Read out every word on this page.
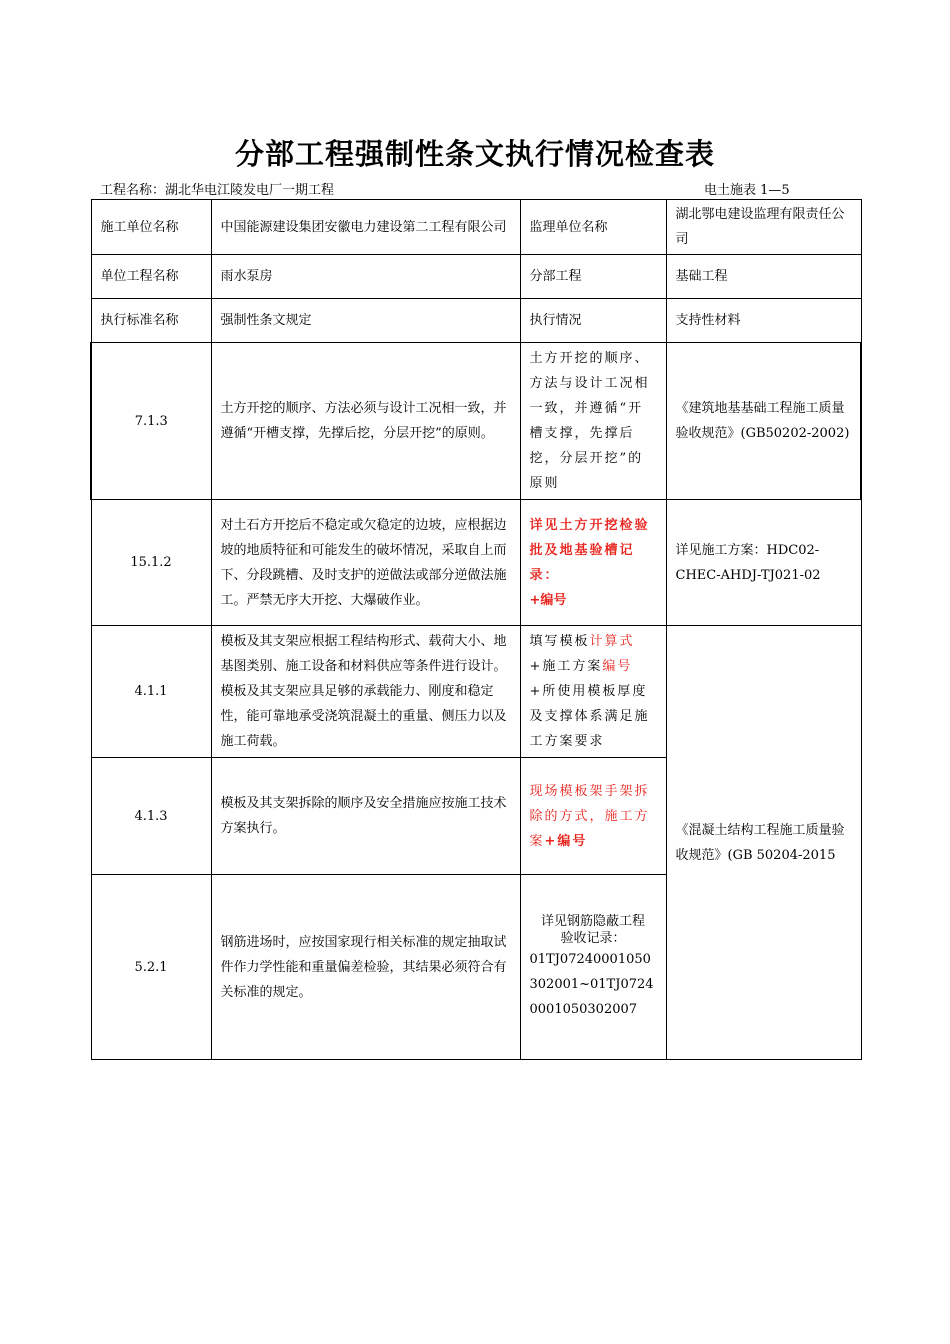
分部工程强制性条文执行情况检查表
工程名称：湖北华电江陵发电厂一期工程	电土施表 1—5
施工单位名称	中国能源建设集团安徽电力建设第二工程有限公司	监理单位名称	湖北鄂电建设监理有限责任公司
单位工程名称	雨水泵房	分部工程	基础工程
执行标准名称	强制性条文规定	执行情况	支持性材料
7.1.3	土方开挖的顺序、方法必须与设计工况相一致，并遵循“开槽支撑，先撑后挖，分层开挖”的原则。	土方开挖的顺序、方法与设计工况相一致，并遵循“开槽支撑，先撑后挖，分层开挖”的原则	《建筑地基基础工程施工质量验收规范》(GB50202-2002)
15.1.2	对土石方开挖后不稳定或欠稳定的边坡，应根据边坡的地质特征和可能发生的破坏情况，采取自上而下、分段跳槽、及时支护的逆做法或部分逆做法施工。严禁无序大开挖、大爆破作业。	详见土方开挖检验批及地基验槽记录：
+编号	详见施工方案：HDC02-CHEC-AHDJ-TJ021-02
4.1.1	模板及其支架应根据工程结构形式、载荷大小、地基图类别、施工设备和材料供应等条件进行设计。模板及其支架应具足够的承载能力、刚度和稳定性，能可靠地承受浇筑混凝土的重量、侧压力以及施工荷载。	填写模板计算式+施工方案编号+所使用模板厚度及支撑体系满足施工方案要求	《混凝土结构工程施工质量验收规范》(GB 50204-2015
4.1.3	模板及其支架拆除的顺序及安全措施应按施工技术方案执行。	现场模板架手架拆除的方式，施工方案+编号	
5.2.1	钢筋进场时，应按国家现行相关标准的规定抽取试件作力学性能和重量偏差检验，其结果必须符合有关标准的规定。	详见钢筋隐蔽工程验收记录：
01TJ07240001050302001~01TJ07240001050302007	
